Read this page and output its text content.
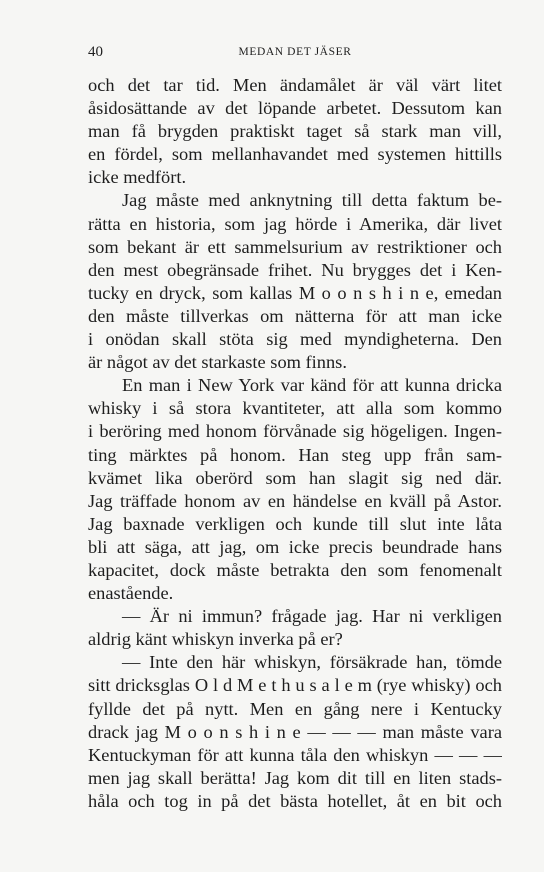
40	MEDAN DET JÄSER
och det tar tid. Men ändamålet är väl värt litet
åsidosättande av det löpande arbetet. Dessutom kan
man få brygden praktiskt taget så stark man vill,
en fördel, som mellanhavandet med systemen hittills
icke medfört.
Jag måste med anknytning till detta faktum be-
rätta en historia, som jag hörde i Amerika, där livet
som bekant är ett sammelsurium av restriktioner och
den mest obegränsade frihet. Nu brygges det i Ken-
tucky en dryck, som kallas M o o n s h i n e, emedan
den måste tillverkas om nätterna för att man icke
i onödan skall stöta sig med myndigheterna. Den
är något av det starkaste som finns.
En man i New York var känd för att kunna dricka
whisky i så stora kvantiteter, att alla som kommo
i beröring med honom förvånade sig högeligen. Ingen-
ting märktes på honom. Han steg upp från sam-
kvämet lika oberörd som han slagit sig ned där.
Jag träffade honom av en händelse en kväll på Astor.
Jag baxnade verkligen och kunde till slut inte låta
bli att säga, att jag, om icke precis beundrade hans
kapacitet, dock måste betrakta den som fenomenalt
enastående.
— Är ni immun? frågade jag. Har ni verkligen
aldrig känt whiskyn inverka på er?
— Inte den här whiskyn, försäkrade han, tömde
sitt dricksglas O l d M e t h u s a l e m (rye whisky) och
fyllde det på nytt. Men en gång nere i Kentucky
drack jag M o o n s h i n e — — — man måste vara
Kentuckyman för att kunna tåla den whiskyn — — —
men jag skall berätta! Jag kom dit till en liten stads-
håla och tog in på det bästa hotellet, åt en bit och
